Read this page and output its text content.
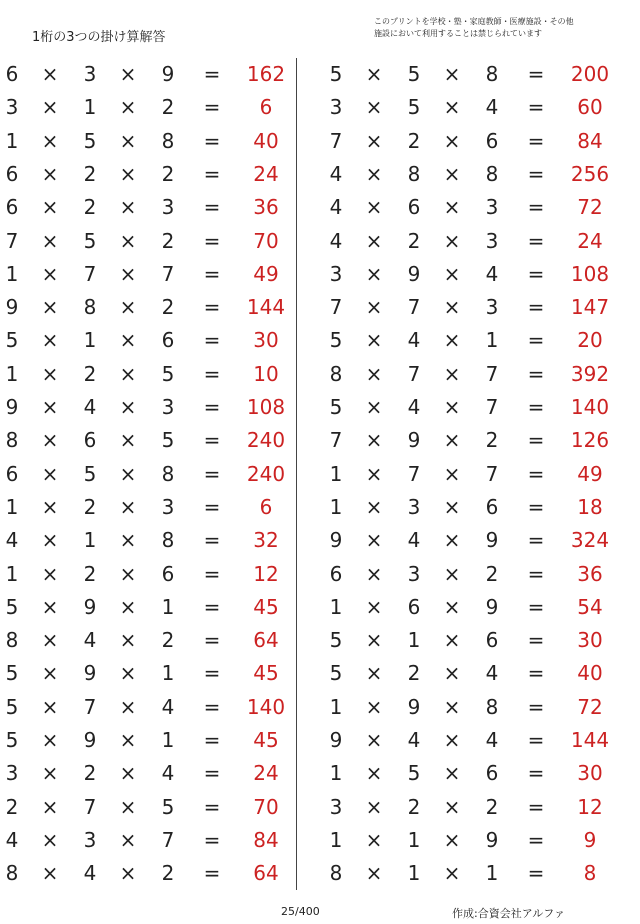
1桁の3つの掛け算解答
このプリントを学校・塾・家庭教師・医療施設・その他
施設において利用することは禁じられています
6 × 3 × 9 =	162
3 × 1 × 2 =	6
1 × 5 × 8 =	40
6 × 2 × 2 =	24
6 × 2 × 3 =	36
7 × 5 × 2 =	70
1 × 7 × 7 =	49
9 × 8 × 2 =	144
5 × 1 × 6 =	30
1 × 2 × 5 =	10
9 × 4 × 3 =	108
8 × 6 × 5 =	240
6 × 5 × 8 =	240
1 × 2 × 3 =	6
4 × 1 × 8 =	32
1 × 2 × 6 =	12
5 × 9 × 1 =	45
8 × 4 × 2 =	64
5 × 9 × 1 =	45
5 × 7 × 4 =	140
5 × 9 × 1 =	45
3 × 2 × 4 =	24
2 × 7 × 5 =	70
4 × 3 × 7 =	84
8 × 4 × 2 =	64
5 × 5 × 8 =	200
3 × 5 × 4 =	60
7 × 2 × 6 =	84
4 × 8 × 8 =	256
4 × 6 × 3 =	72
4 × 2 × 3 =	24
3 × 9 × 4 =	108
7 × 7 × 3 =	147
5 × 4 × 1 =	20
8 × 7 × 7 =	392
5 × 4 × 7 =	140
7 × 9 × 2 =	126
1 × 7 × 7 =	49
1 × 3 × 6 =	18
9 × 4 × 9 =	324
6 × 3 × 2 =	36
1 × 6 × 9 =	54
5 × 1 × 6 =	30
5 × 2 × 4 =	40
1 × 9 × 8 =	72
9 × 4 × 4 =	144
1 × 5 × 6 =	30
3 × 2 × 2 =	12
1 × 1 × 9 =	9
8 × 1 × 1 =	8
25/400	作成:合資会社アルファ
